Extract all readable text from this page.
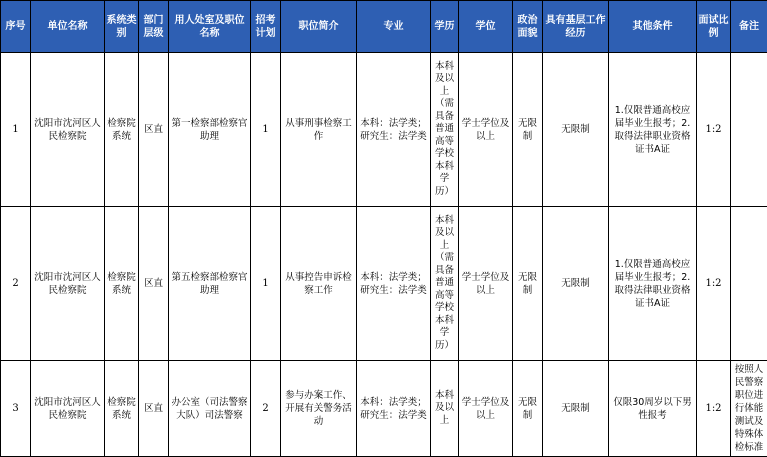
序号	单位名称	系统类别	部门层级	用人处室及职位名称	招考计划	职位简介	专业	学历	学位	政治面貌	具有基层工作经历	其他条件	面试比例	备注
1	沈阳市沈河区人民检察院	检察院系统	区直	第一检察部检察官助理	1	从事刑事检察工作	本科：法学类；研究生：法学类	本科及以上（需具备普通高等学校本科学历）	学士学位及以上	无限制	无限制	1.仅限普通高校应届毕业生报考；2.取得法律职业资格证书A证	1:2	
2	沈阳市沈河区人民检察院	检察院系统	区直	第五检察部检察官助理	1	从事控告申诉检察工作	本科：法学类；研究生：法学类	本科及以上（需具备普通高等学校本科学历）	学士学位及以上	无限制	无限制	1.仅限普通高校应届毕业生报考；2.取得法律职业资格证书A证	1:2	
3	沈阳市沈河区人民检察院	检察院系统	区直	办公室（司法警察大队）司法警察	2	参与办案工作、开展有关警务活动	本科：法学类；研究生：法学类	本科及以上	学士学位及以上	无限制	无限制	仅限30周岁以下男性报考	1:2	按照人民警察职位进行体能测试及特殊体检标准
